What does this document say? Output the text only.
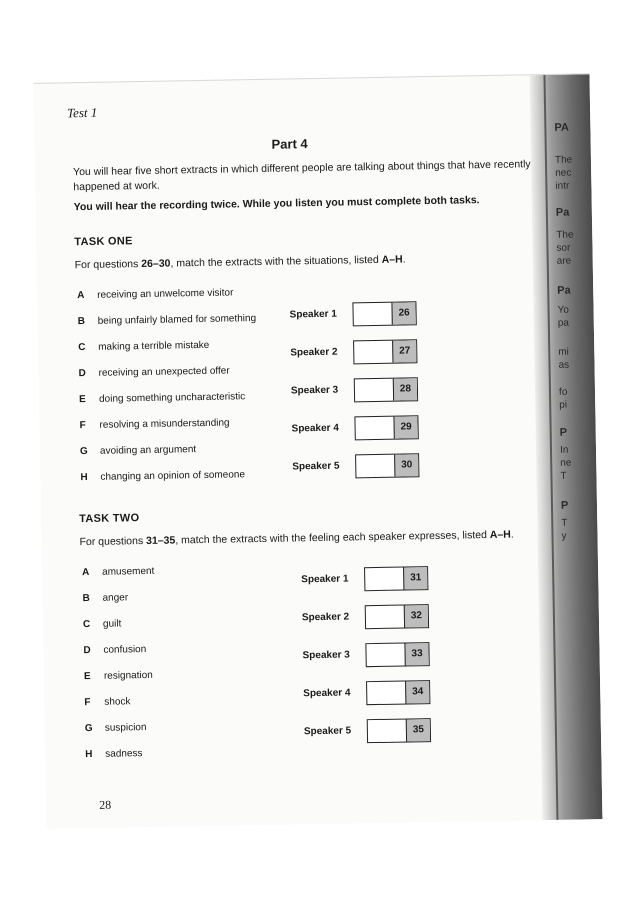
PA
The
nec
intr
Pa
The
sor
are
Pa
Yo
pa
mi
as
fo
pi
P
In
ne
T
P
T
y
Test 1
Part 4
You will hear five short extracts in which different people are talking about things that have recently happened at work.
You will hear the recording twice. While you listen you must complete both tasks.
TASK ONE
For questions 26–30, match the extracts with the situations, listed A–H.
A receiving an unwelcome visitor
B being unfairly blamed for something
C making a terrible mistake
D receiving an unexpected offer
E doing something uncharacteristic
F resolving a misunderstanding
G avoiding an argument
H changing an opinion of someone
Speaker 1	26
Speaker 2	27
Speaker 3	28
Speaker 4	29
Speaker 5	30
TASK TWO
For questions 31–35, match the extracts with the feeling each speaker expresses, listed A–H.
A amusement
B anger
C guilt
D confusion
E resignation
F shock
G suspicion
H sadness
Speaker 1	31
Speaker 2	32
Speaker 3	33
Speaker 4	34
Speaker 5	35
28
